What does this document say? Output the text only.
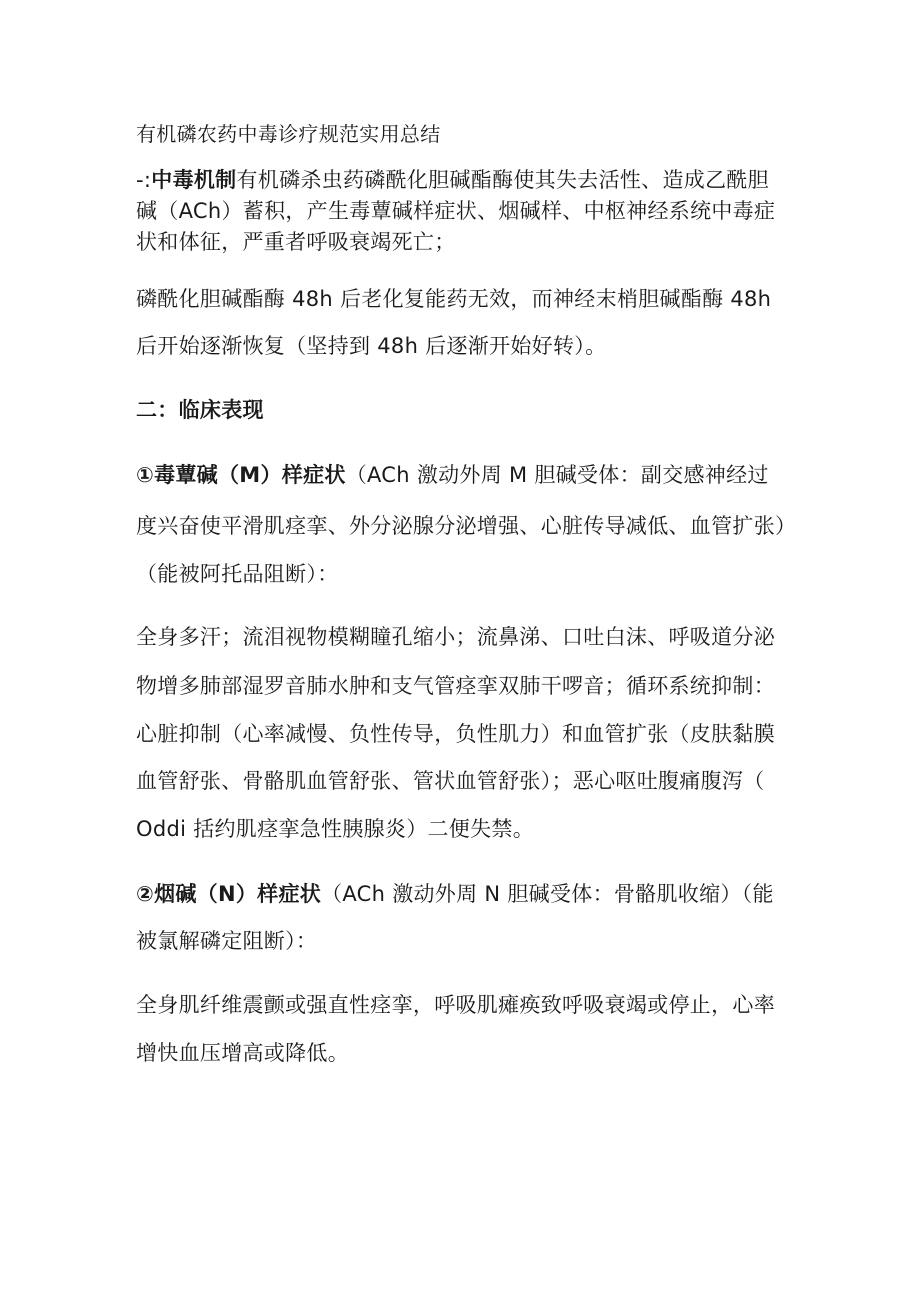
有机磷农药中毒诊疗规范实用总结
-:中毒机制有机磷杀虫药磷酰化胆碱酯酶使其失去活性、造成乙酰胆
碱（ACh）蓄积，产生毒蕈碱样症状、烟碱样、中枢神经系统中毒症
状和体征，严重者呼吸衰竭死亡；
磷酰化胆碱酯酶 48h 后老化复能药无效，而神经末梢胆碱酯酶 48h
后开始逐渐恢复（坚持到 48h 后逐渐开始好转）。
二：临床表现
①毒蕈碱（M）样症状（ACh 激动外周 M 胆碱受体：副交感神经过
度兴奋使平滑肌痉挛、外分泌腺分泌增强、心脏传导减低、血管扩张）
（能被阿托品阻断）：
全身多汗；流泪视物模糊瞳孔缩小；流鼻涕、口吐白沫、呼吸道分泌
物增多肺部湿罗音肺水肿和支气管痉挛双肺干啰音；循环系统抑制：
心脏抑制（心率减慢、负性传导，负性肌力）和血管扩张（皮肤黏膜
血管舒张、骨骼肌血管舒张、管状血管舒张）；恶心呕吐腹痛腹泻（
Oddi 括约肌痉挛急性胰腺炎）二便失禁。
②烟碱（N）样症状（ACh 激动外周 N 胆碱受体：骨骼肌收缩）（能
被氯解磷定阻断）：
全身肌纤维震颤或强直性痉挛，呼吸肌瘫痪致呼吸衰竭或停止，心率
增快血压增高或降低。
